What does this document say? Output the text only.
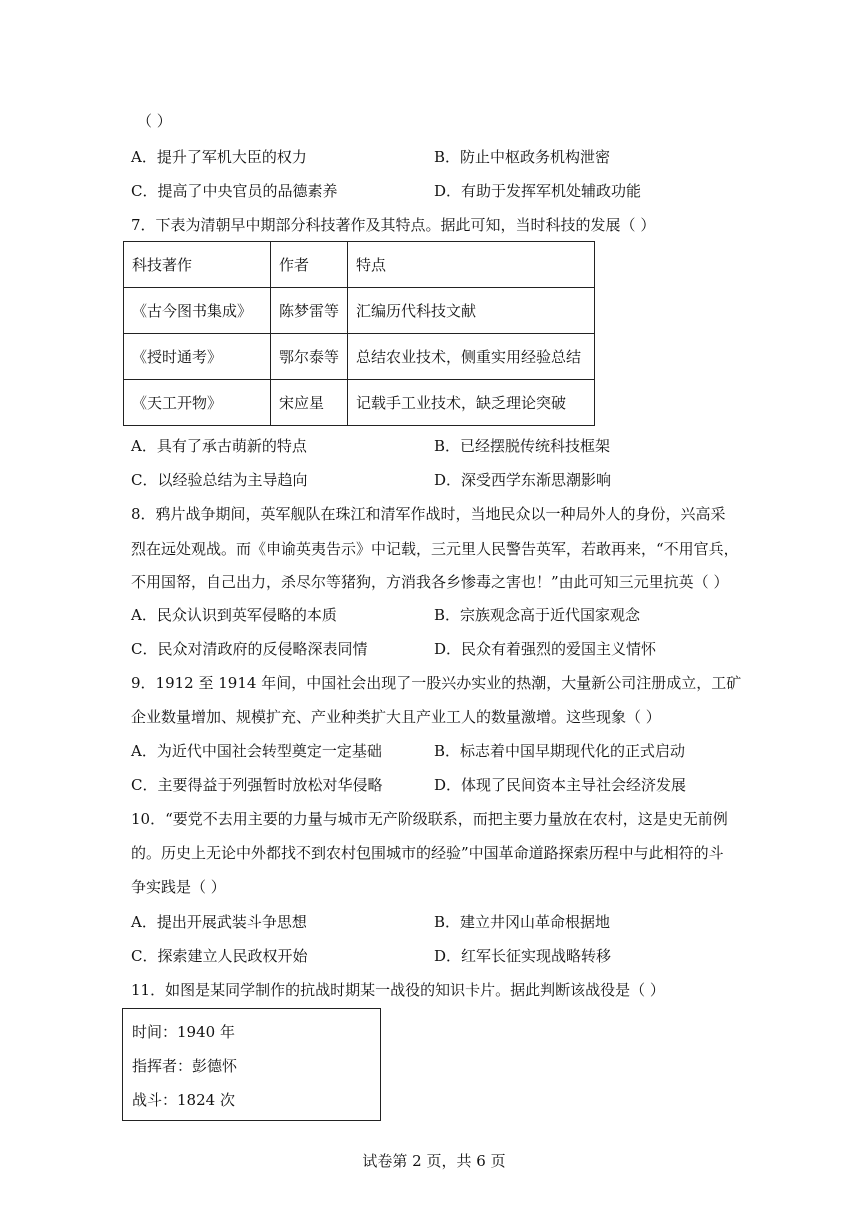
（ ）
A．提升了军机大臣的权力	B．防止中枢政务机构泄密
C．提高了中央官员的品德素养	D．有助于发挥军机处辅政功能
7．下表为清朝早中期部分科技著作及其特点。据此可知，当时科技的发展（ ）
科技著作	作者	特点
《古今图书集成》	陈梦雷等	汇编历代科技文献
《授时通考》	鄂尔泰等	总结农业技术，侧重实用经验总结
《天工开物》	宋应星	记载手工业技术，缺乏理论突破
A．具有了承古萌新的特点	B．已经摆脱传统科技框架
C．以经验总结为主导趋向	D．深受西学东渐思潮影响
8．鸦片战争期间，英军舰队在珠江和清军作战时，当地民众以一种局外人的身份，兴高采
烈在远处观战。而《申谕英夷告示》中记载，三元里人民警告英军，若敢再来，“不用官兵，
不用国帑，自己出力，杀尽尔等猪狗，方消我各乡惨毒之害也！”由此可知三元里抗英（ ）
A．民众认识到英军侵略的本质	B．宗族观念高于近代国家观念
C．民众对清政府的反侵略深表同情	D．民众有着强烈的爱国主义情怀
9．1912 至 1914 年间，中国社会出现了一股兴办实业的热潮，大量新公司注册成立，工矿
企业数量增加、规模扩充、产业种类扩大且产业工人的数量激增。这些现象（ ）
A．为近代中国社会转型奠定一定基础	B．标志着中国早期现代化的正式启动
C．主要得益于列强暂时放松对华侵略	D．体现了民间资本主导社会经济发展
10．“要党不去用主要的力量与城市无产阶级联系，而把主要力量放在农村，这是史无前例
的。历史上无论中外都找不到农村包围城市的经验”中国革命道路探索历程中与此相符的斗
争实践是（ ）
A．提出开展武装斗争思想	B．建立井冈山革命根据地
C．探索建立人民政权开始	D．红军长征实现战略转移
11．如图是某同学制作的抗战时期某一战役的知识卡片。据此判断该战役是（ ）
时间：1940 年
指挥者：彭德怀
战斗：1824 次
试卷第 2 页，共 6 页
